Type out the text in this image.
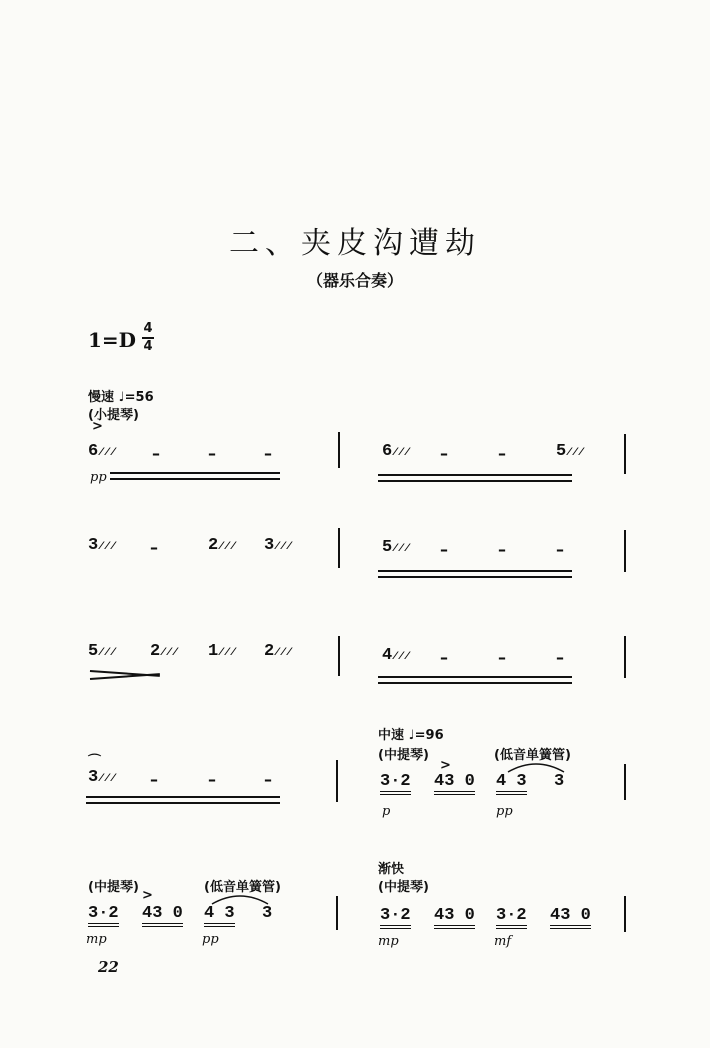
二、夹皮沟遭劫
（器乐合奏）
1=D 4
4
慢速 ♩=56
(小提琴)
>
6/// –	–	–
pp
6/// –	–	5///
3/// –	2/// 3///	5/// –	–	–
5/// 2/// 1/// 2///	4/// –	–	–
⌒
3/// –	–	–
中速 ♩=96
(中提琴)
>
(低音单簧管)
3·2 43 0 4 3 3
p	pp
(中提琴)
>
(低音单簧管)
3·2 43 0 4 3 3
mp	pp
渐快
(中提琴)
3·2 43 0 3·2 43 0
mp	mf
22
